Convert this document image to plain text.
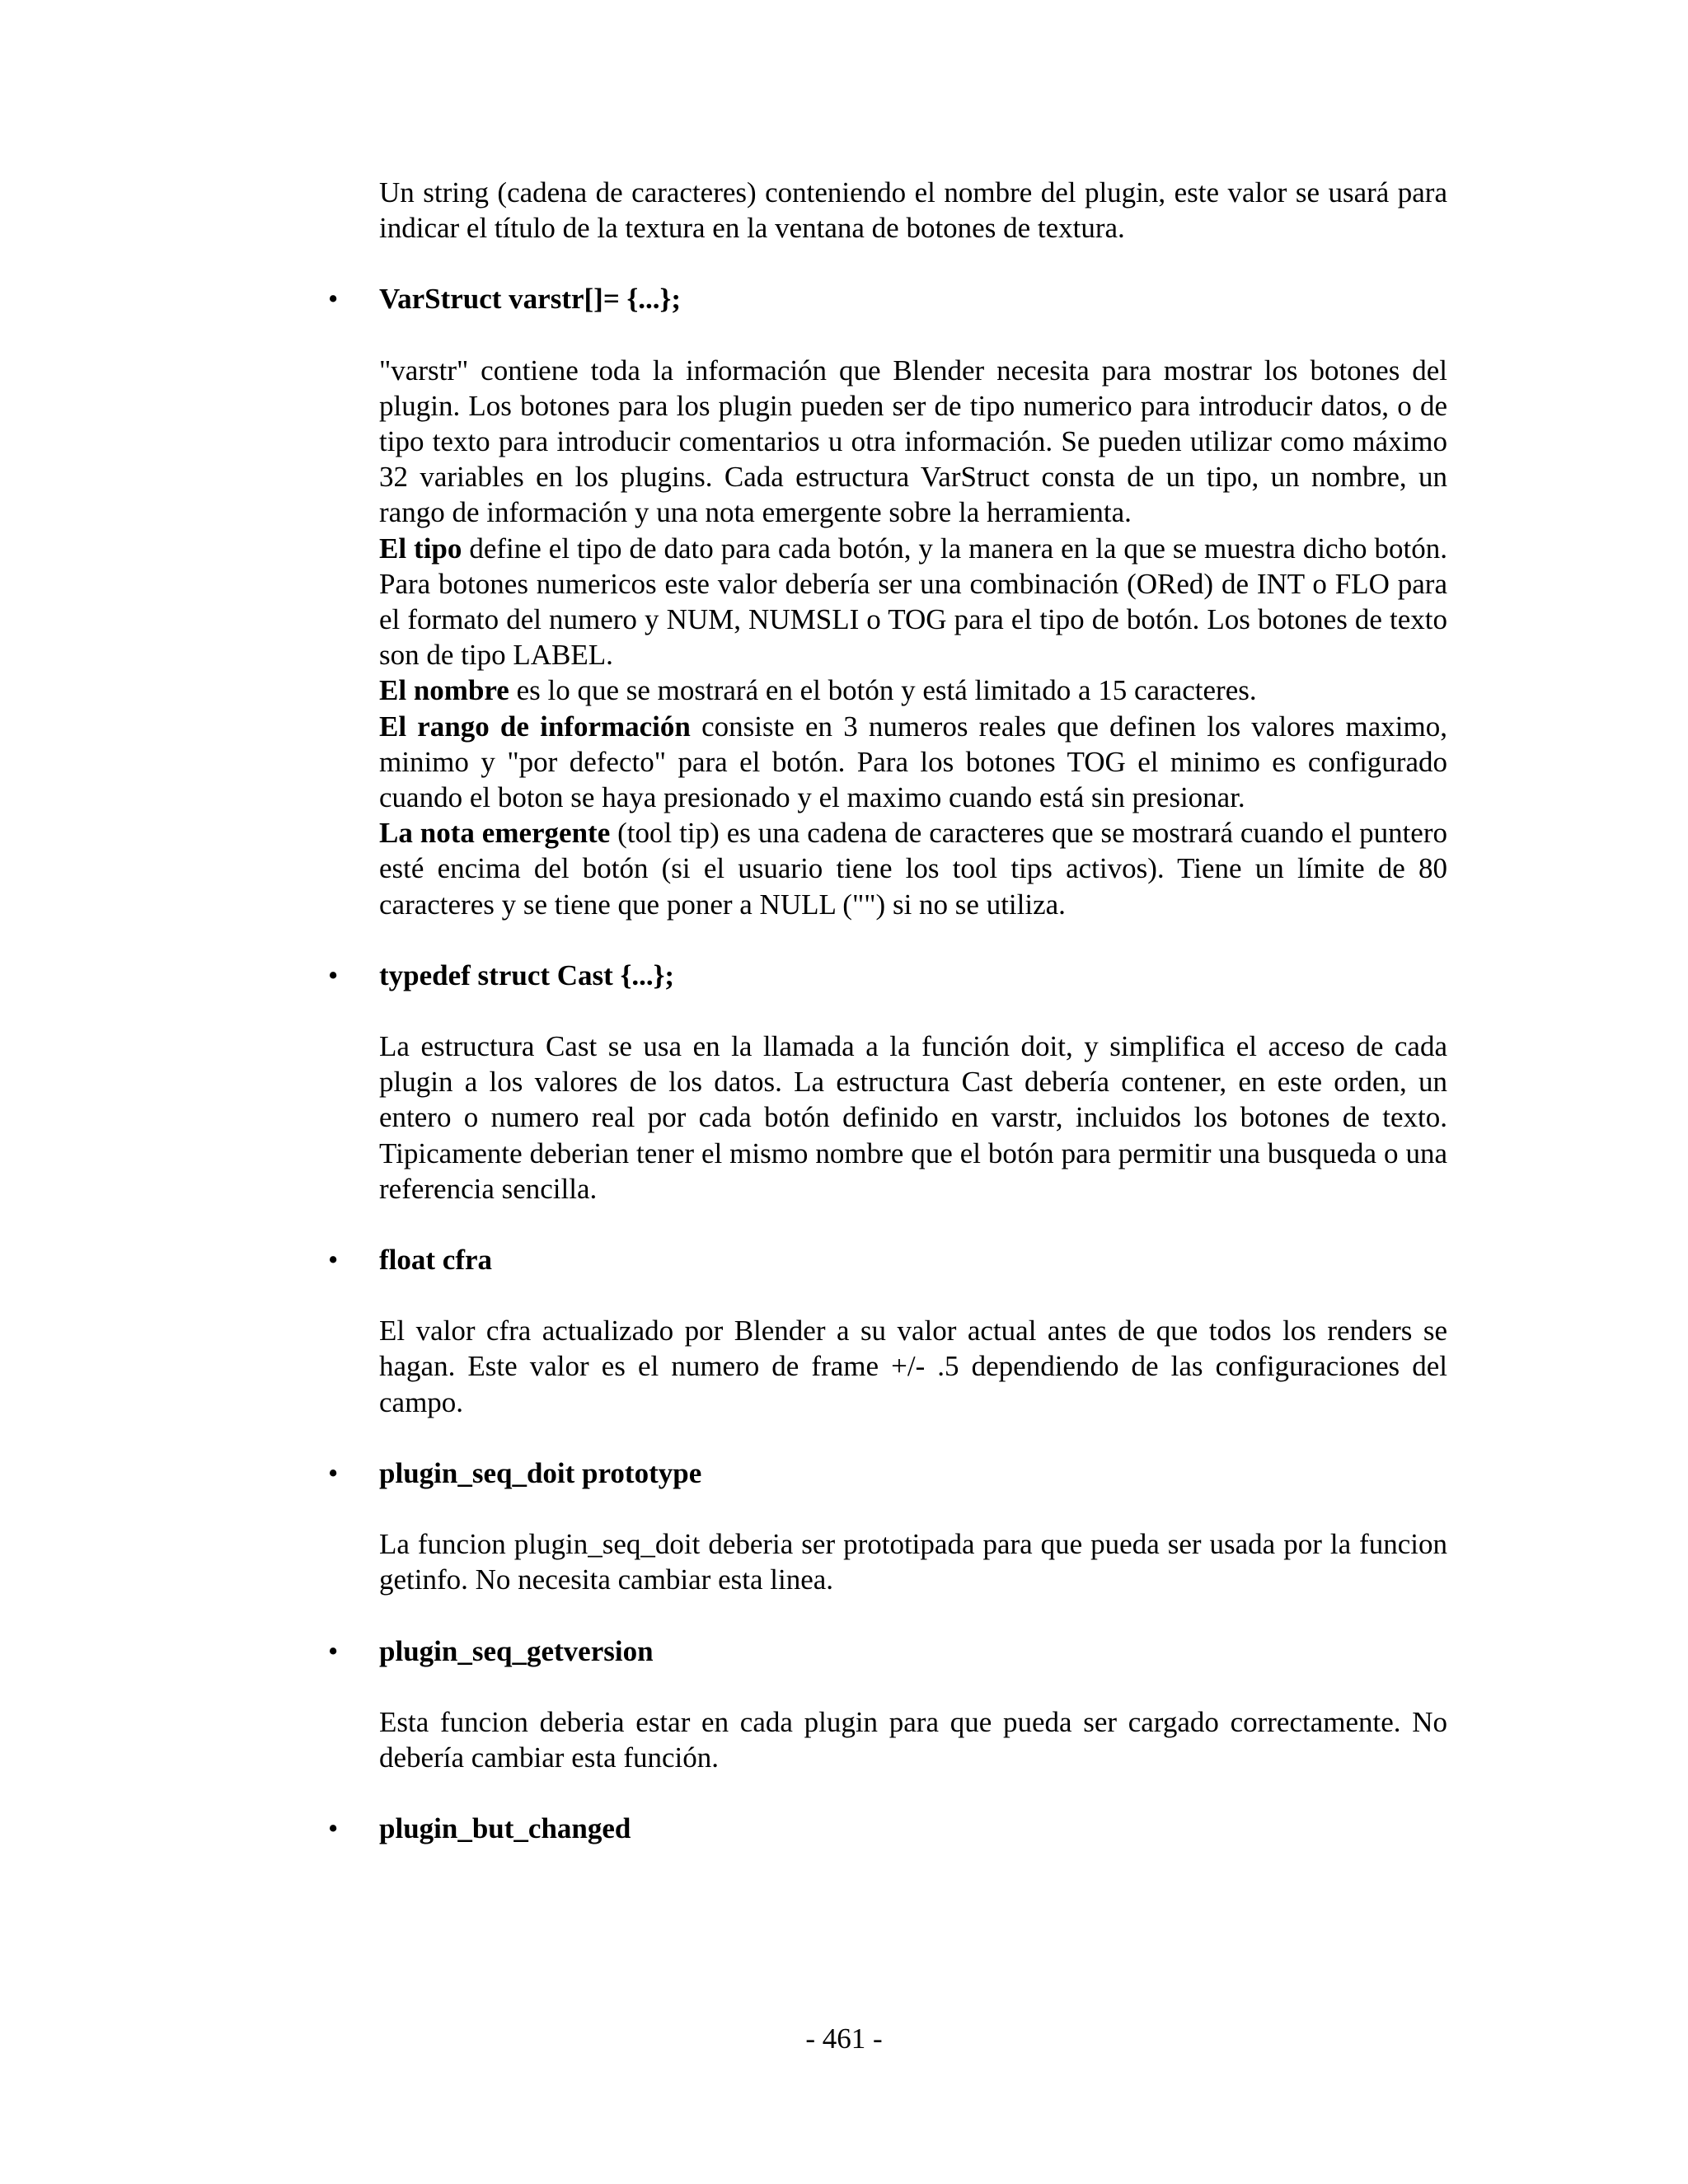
Un string (cadena de caracteres) conteniendo el nombre del plugin, este valor se usará para indicar el título de la textura en la ventana de botones de textura.

• VarStruct varstr[]= {...};

"varstr" contiene toda la información que Blender necesita para mostrar los botones del plugin. Los botones para los plugin pueden ser de tipo numerico para introducir datos, o de tipo texto para introducir comentarios u otra información. Se pueden utilizar como máximo 32 variables en los plugins. Cada estructura VarStruct consta de un tipo, un nombre, un rango de información y una nota emergente sobre la herramienta.

El tipo define el tipo de dato para cada botón, y la manera en la que se muestra dicho botón. Para botones numericos este valor debería ser una combinación (ORed) de INT o FLO para el formato del numero y NUM, NUMSLI o TOG para el tipo de botón. Los botones de texto son de tipo LABEL.

El nombre es lo que se mostrará en el botón y está limitado a 15 caracteres.

El rango de información consiste en 3 numeros reales que definen los valores maximo, minimo y "por defecto" para el botón. Para los botones TOG el minimo es configurado cuando el boton se haya presionado y el maximo cuando está sin presionar.

La nota emergente (tool tip) es una cadena de caracteres que se mostrará cuando el puntero esté encima del botón (si el usuario tiene los tool tips activos). Tiene un límite de 80 caracteres y se tiene que poner a NULL ("") si no se utiliza.

• typedef struct Cast {...};

La estructura Cast se usa en la llamada a la función doit, y simplifica el acceso de cada plugin a los valores de los datos. La estructura Cast debería contener, en este orden, un entero o numero real por cada botón definido en varstr, incluidos los botones de texto. Tipicamente deberian tener el mismo nombre que el botón para permitir una busqueda o una referencia sencilla.

• float cfra

El valor cfra actualizado por Blender a su valor actual antes de que todos los renders se hagan. Este valor es el numero de frame +/- .5 dependiendo de las configuraciones del campo.

• plugin_seq_doit prototype

La funcion plugin_seq_doit deberia ser prototipada para que pueda ser usada por la funcion getinfo. No necesita cambiar esta linea.

• plugin_seq_getversion

Esta funcion deberia estar en cada plugin para que pueda ser cargado correctamente. No debería cambiar esta función.

• plugin_but_changed
- 461 -
